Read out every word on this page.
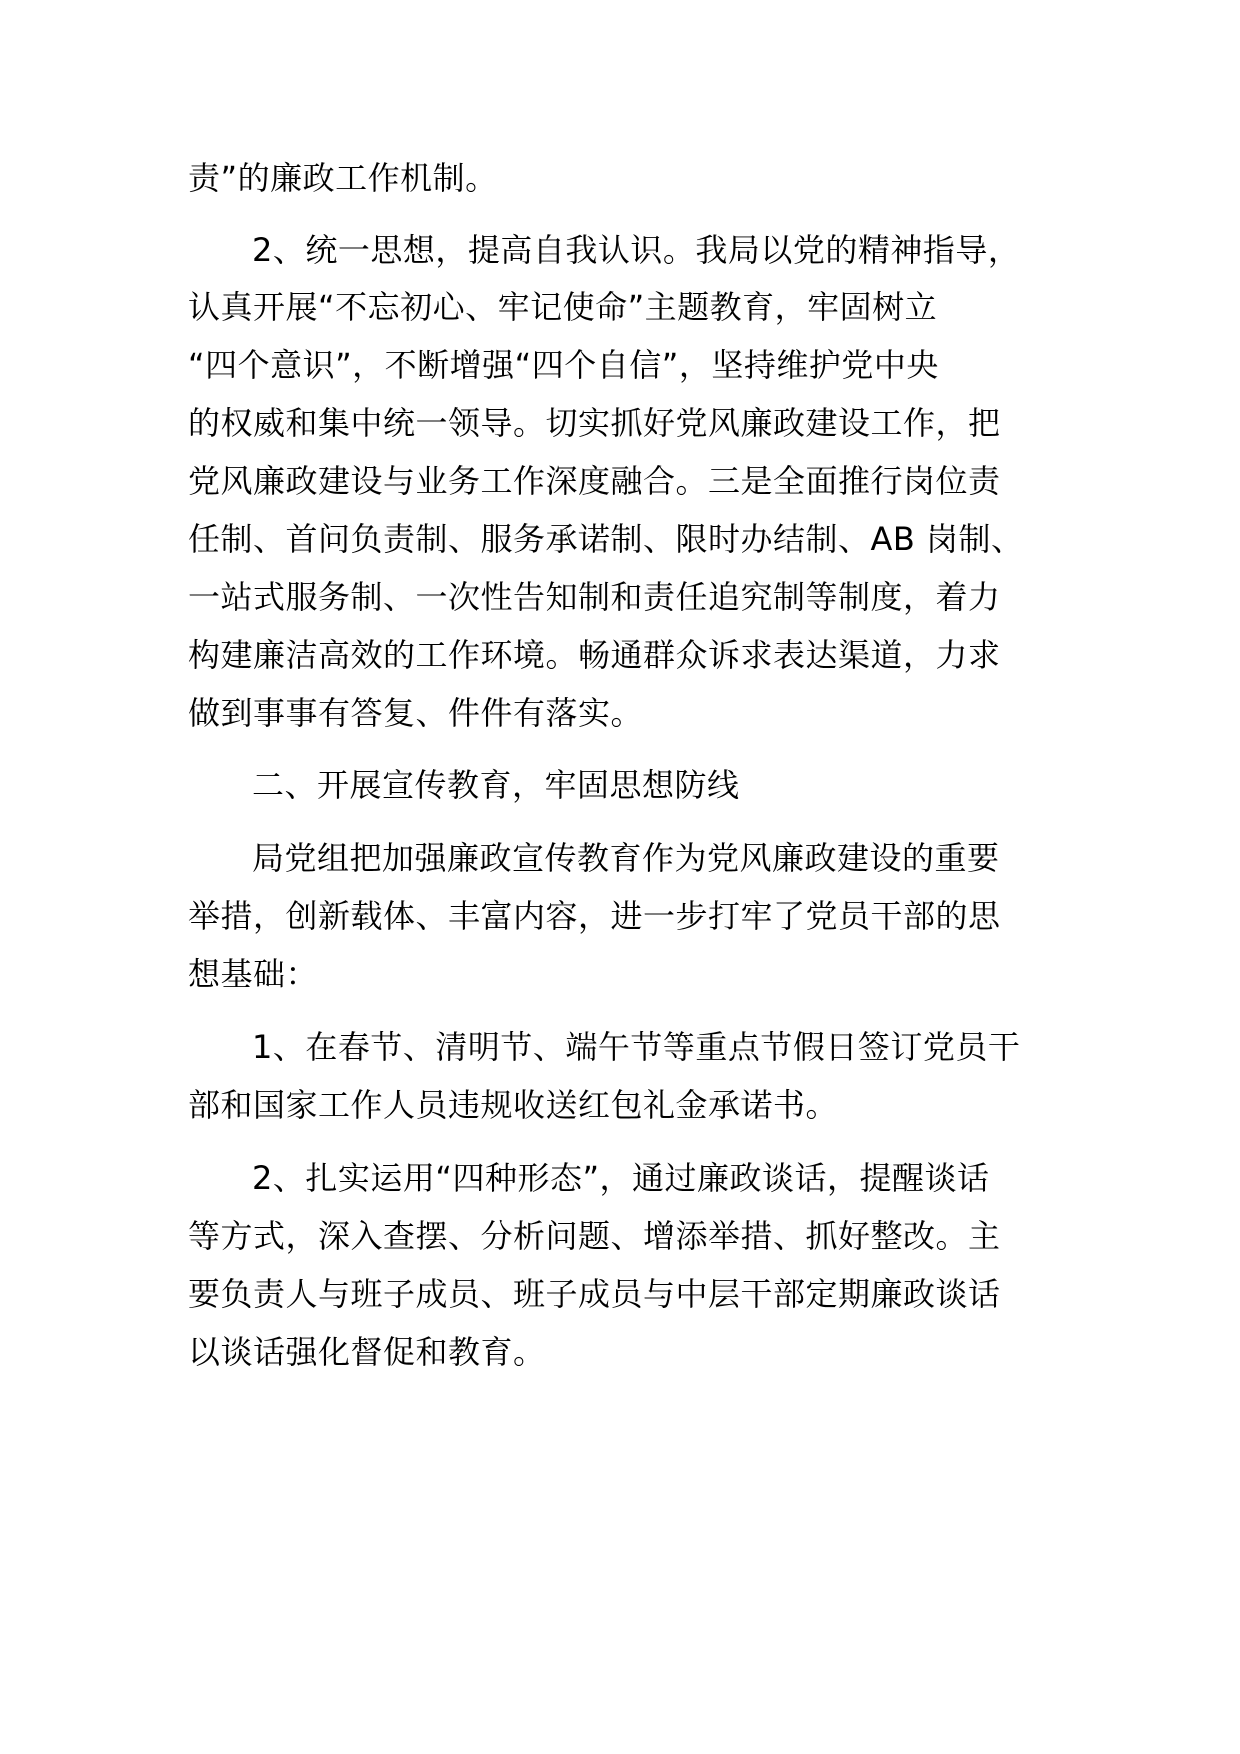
责”的廉政工作机制。
2、统一思想，提高自我认识。我局以党的精神指导，
认真开展“不忘初心、牢记使命”主题教育，牢固树立
“四个意识”，不断增强“四个自信”，坚持维护党中央
的权威和集中统一领导。切实抓好党风廉政建设工作，把
党风廉政建设与业务工作深度融合。三是全面推行岗位责
任制、首问负责制、服务承诺制、限时办结制、AB 岗制、
一站式服务制、一次性告知制和责任追究制等制度，着力
构建廉洁高效的工作环境。畅通群众诉求表达渠道，力求
做到事事有答复、件件有落实。
二、开展宣传教育，牢固思想防线
局党组把加强廉政宣传教育作为党风廉政建设的重要
举措，创新载体、丰富内容，进一步打牢了党员干部的思
想基础：
1、在春节、清明节、端午节等重点节假日签订党员干
部和国家工作人员违规收送红包礼金承诺书。
2、扎实运用“四种形态”，通过廉政谈话，提醒谈话
等方式，深入查摆、分析问题、增添举措、抓好整改。主
要负责人与班子成员、班子成员与中层干部定期廉政谈话
以谈话强化督促和教育。
